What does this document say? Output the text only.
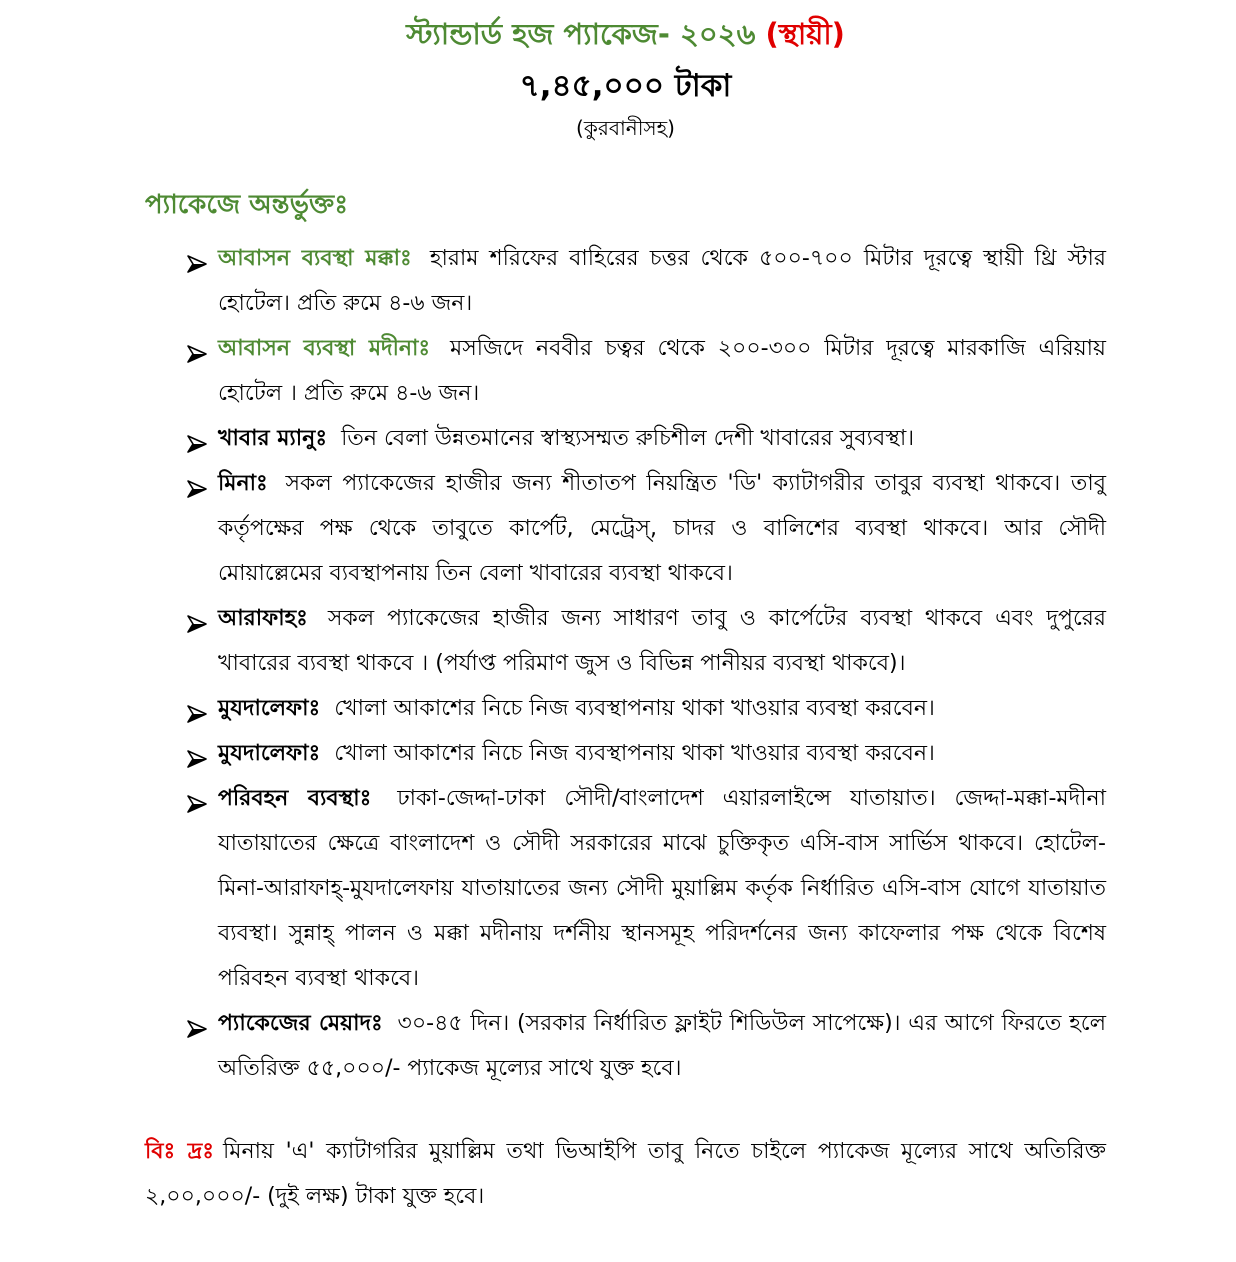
স্ট্যান্ডার্ড হজ প্যাকেজ- ২০২৬ (স্থায়ী)
৭,৪৫,০০০ টাকা
(কুরবানীসহ)
প্যাকেজে অন্তর্ভুক্তঃ
আবাসন ব্যবস্থা মক্কাঃ হারাম শরিফের বাহিরের চত্তর থেকে ৫০০-৭০০ মিটার দূরত্বে স্থায়ী থ্রি স্টার হোটেল। প্রতি রুমে ৪-৬ জন।
আবাসন ব্যবস্থা মদীনাঃ মসজিদে নববীর চত্বর থেকে ২০০-৩০০ মিটার দূরত্বে মারকাজি এরিয়ায় হোটেল । প্রতি রুমে ৪-৬ জন।
খাবার ম্যানুঃ তিন বেলা উন্নতমানের স্বাস্থ্যসম্মত রুচিশীল দেশী খাবারের সুব্যবস্থা।
মিনাঃ সকল প্যাকেজের হাজীর জন্য শীতাতপ নিয়ন্ত্রিত 'ডি' ক্যাটাগরীর তাবুর ব্যবস্থা থাকবে। তাবু কর্তৃপক্ষের পক্ষ থেকে তাবুতে কার্পেট, মেট্রেস্, চাদর ও বালিশের ব্যবস্থা থাকবে। আর সৌদী মোয়াল্লেমের ব্যবস্থাপনায় তিন বেলা খাবারের ব্যবস্থা থাকবে।
আরাফাহঃ সকল প্যাকেজের হাজীর জন্য সাধারণ তাবু ও কার্পেটের ব্যবস্থা থাকবে এবং দুপুরের খাবারের ব্যবস্থা থাকবে । (পর্যাপ্ত পরিমাণ জুস ও বিভিন্ন পানীয়র ব্যবস্থা থাকবে)।
মুযদালেফাঃ খোলা আকাশের নিচে নিজ ব্যবস্থাপনায় থাকা খাওয়ার ব্যবস্থা করবেন।
মুযদালেফাঃ খোলা আকাশের নিচে নিজ ব্যবস্থাপনায় থাকা খাওয়ার ব্যবস্থা করবেন।
পরিবহন ব্যবস্থাঃ ঢাকা-জেদ্দা-ঢাকা সৌদী/বাংলাদেশ এয়ারলাইন্সে যাতায়াত। জেদ্দা-মক্কা-মদীনা যাতায়াতের ক্ষেত্রে বাংলাদেশ ও সৌদী সরকারের মাঝে চুক্তিকৃত এসি-বাস সার্ভিস থাকবে। হোটেল-মিনা-আরাফাহ্-মুযদালেফায় যাতায়াতের জন্য সৌদী মুয়াল্লিম কর্তৃক নির্ধারিত এসি-বাস যোগে যাতায়াত ব্যবস্থা। সুন্নাহ্ পালন ও মক্কা মদীনায় দর্শনীয় স্থানসমূহ পরিদর্শনের জন্য কাফেলার পক্ষ থেকে বিশেষ পরিবহন ব্যবস্থা থাকবে।
প্যাকেজের মেয়াদঃ ৩০-৪৫ দিন। (সরকার নির্ধারিত ফ্লাইট শিডিউল সাপেক্ষে)। এর আগে ফিরতে হলে অতিরিক্ত ৫৫,০০০/- প্যাকেজ মূল্যের সাথে যুক্ত হবে।

বিঃ দ্রঃ মিনায় 'এ' ক্যাটাগরির মুয়াল্লিম তথা ভিআইপি তাবু নিতে চাইলে প্যাকেজ মূল্যের সাথে অতিরিক্ত ২,০০,০০০/- (দুই লক্ষ) টাকা যুক্ত হবে।
